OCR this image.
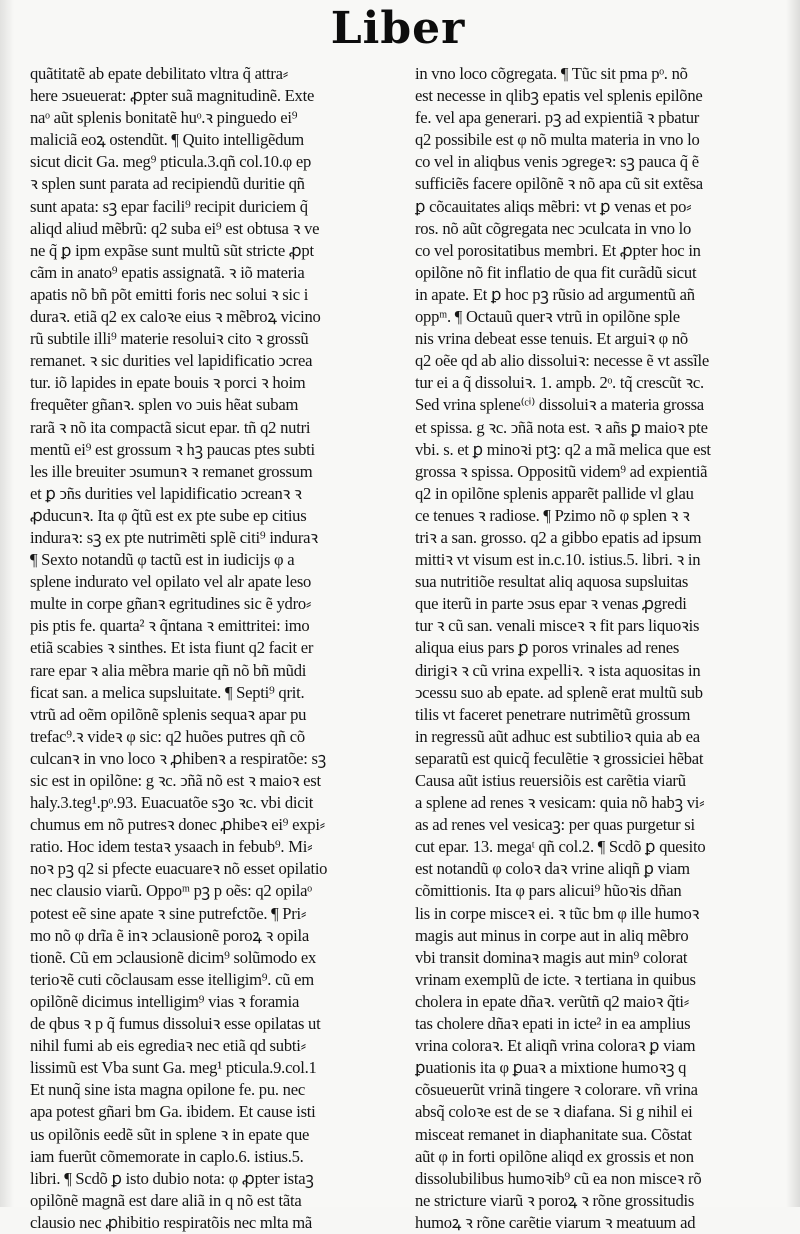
Liber
quãtitatẽ ab epate debilitato vltra q̃ attra⸗
here ↄsueuerat: ꝓpter suã magnitudinẽ. Exte
naᵒ aũt splenis bonitatẽ huᵒ.ꝛ pinguedo ei⁹
maliciã eoꝝ ostendũt. ¶ Quito intelligẽdum
sicut dicit Ga. meg⁹ pticula.3.qñ col.10.φ ep
ꝛ splen sunt parata ad recipiendũ duritie qñ
sunt apata: sꝫ epar facili⁹ recipit duriciem q̃
aliqd aliud mẽbrũ: q2 suba ei⁹ est obtusa ꝛ ve
ne q̃ ꝑ ipm expãse sunt multũ sũt stricte ꝓpt
cãm in anato⁹ epatis assignatã. ꝛ iõ materia
apatis nõ bñ põt emitti foris nec solui ꝛ sic i
duraꝛ. etiã q2 ex caloꝛe eius ꝛ mẽbroꝝ vicino
rũ subtile illi⁹ materie resoluiꝛ cito ꝛ grossũ
remanet. ꝛ sic durities vel lapidificatio ↄcrea
tur. iõ lapides in epate bouis ꝛ porci ꝛ hoim
frequẽter gñanꝛ. splen vo ↄuis hẽat subam
rarã ꝛ nõ ita compactã sicut epar. tñ q2 nutri
mentũ ei⁹ est grossum ꝛ hꝫ paucas ptes subti
les ille breuiter ↄsumunꝛ ꝛ remanet grossum
et ꝑ ↄñs durities vel lapidificatio ↄcreanꝛ ꝛ
ꝓducunꝛ. Ita φ q̃tũ est ex pte sube ep citius
induraꝛ: sꝫ ex pte nutrimẽti splẽ citi⁹ induraꝛ
¶ Sexto notandũ φ tactũ est in iudicijs φ a
splene indurato vel opilato vel alr apate leso
multe in corpe gñanꝛ egritudines sic ẽ ydro⸗
pis ptis fe. quarta² ꝛ q̃ntana ꝛ emittritei: imo
etiã scabies ꝛ sinthes. Et ista fiunt q2 facit er
rare epar ꝛ alia mẽbra marie qñ nõ bñ mũdi
ficat san. a melica supsluitate. ¶ Septi⁹ qrit.
vtrũ ad oẽm opilõnẽ splenis sequaꝛ apar pu
trefac⁹.ꝛ videꝛ φ sic: q2 huões putres qñ cõ
culcanꝛ in vno loco ꝛ ꝓhibenꝛ a respiratõe: sꝫ
sic est in opilõne: g ꝛc. ↄñã nõ est ꝛ maioꝛ est
haly.3.teg¹.pᵒ.93. Euacuatõe sꝫo ꝛc. vbi dicit
chumus em nõ putresꝛ donec ꝓhibeꝛ ei⁹ expi⸗
ratio. Hoc idem testaꝛ ysaach in febub⁹. Mi⸗
noꝛ pꝫ q2 si pfecte euacuareꝛ nõ esset opilatio
nec clausio viarũ. Oppoᵐ pꝫ p oẽs: q2 opilaᵒ
potest eẽ sine apate ꝛ sine putrefctõe. ¶ Pri⸗
mo nõ φ drĩa ẽ inꝛ ↄclausionẽ poroꝝ ꝛ opila
tionẽ. Cũ em ↄclausionẽ dicim⁹ solũmodo ex
terioꝛẽ cuti cõclausam esse itelligim⁹. cũ em
opilõnẽ dicimus intelligim⁹ vias ꝛ foramia
de qbus ꝛ p q̃ fumus dissoluiꝛ esse opilatas ut
nihil fumi ab eis egrediaꝛ nec etiã qd subti⸗
lissimũ est Vba sunt Ga. meg¹ pticula.9.col.1
Et nunq̃ sine ista magna opilone fe. pu. nec
apa potest gñari bm Ga. ibidem. Et cause isti
us opilõnis eedẽ sũt in splene ꝛ in epate que
iam fuerũt cõmemorate in caplo.6. istius.5.
libri. ¶ Scdõ ꝑ isto dubio nota: φ ꝓpter istaꝫ
opilõnẽ magnã est dare aliã in q nõ est tãta
clausio nec ꝓhibitio respiratõis nec mlta mã
in vno loco cõgregata. ¶ Tũc sit pma pᵒ. nõ
est necesse in qlibꝫ epatis vel splenis epilõne
fe. vel apa generari. pꝫ ad expientiã ꝛ pbatur
q2 possibile est φ nõ multa materia in vno lo
co vel in aliqbus venis ↄgregeꝛ: sꝫ pauca q̃ ẽ
sufficiẽs facere opilõnẽ ꝛ nõ apa cũ sit extẽsa
ꝑ cõcauitates aliqs mẽbri: vt ꝑ venas et po⸗
ros. nõ aũt cõgregata nec ↄculcata in vno lo
co vel porositatibus membri. Et ꝓpter hoc in
opilõne nõ fit inflatio de qua fit curãdũ sicut
in apate. Et ꝑ hoc pꝫ rũsio ad argumentũ añ
oppᵐ. ¶ Octauũ querꝛ vtrũ in opilõne sple
nis vrina debeat esse tenuis. Et arguiꝛ φ nõ
q2 oẽe qd ab alio dissoluiꝛ: necesse ẽ vt assĩle
tur ei a q̃ dissoluiꝛ. 1. ampb. 2ᵒ. tq̃ crescũt ꝛc.
Sed vrina splene⁽ᶜⁱ⁾ dissoluiꝛ a materia grossa
et spissa. g ꝛc. ↄñã nota est. ꝛ añs ꝑ maioꝛ pte
vbi. s. et ꝑ minoꝛi ptꝫ: q2 a mã melica que est
grossa ꝛ spissa. Oppositũ videm⁹ ad expientiã
q2 in opilõne splenis apparẽt pallide vl glau
ce tenues ꝛ radiose. ¶ Pzimo nõ φ splen ꝛ ꝛ
triꝛ a san. grosso. q2 a gibbo epatis ad ipsum
mittiꝛ vt visum est in.c.10. istius.5. libri. ꝛ in
sua nutritiõe resultat aliq aquosa supsluitas
que iterũ in parte ↄsus epar ꝛ venas ꝓgredi
tur ꝛ cũ san. venali misceꝛ ꝛ fit pars liquoꝛis
aliqua eius pars ꝑ poros vrinales ad renes
dirigiꝛ ꝛ cũ vrina expelliꝛ. ꝛ ista aquositas in
ↄcessu suo ab epate. ad splenẽ erat multũ sub
tilis vt faceret penetrare nutrimẽtũ grossum
in regressũ aũt adhuc est subtilioꝛ quia ab ea
separatũ est quicq̃ feculẽtie ꝛ grossiciei hẽbat
Causa aũt istius reuersiõis est carẽtia viarũ
a splene ad renes ꝛ vesicam: quia nõ habꝫ vi⸗
as ad renes vel vesicaꝫ: per quas purgetur si
cut epar. 13. megaᵗ qñ col.2. ¶ Scdõ ꝑ quesito
est notandũ φ coloꝛ daꝛ vrine aliqñ ꝑ viam
cõmittionis. Ita φ pars alicui⁹ hũoꝛis dñan
lis in corpe misceꝛ ei. ꝛ tũc bm φ ille humoꝛ
magis aut minus in corpe aut in aliq mẽbro
vbi transit dominaꝛ magis aut min⁹ colorat
vrinam exemplũ de icte. ꝛ tertiana in quibus
cholera in epate dñaꝛ. verũtñ q2 maioꝛ q̃ti⸗
tas cholere dñaꝛ epati in icte² in ea amplius
vrina coloraꝛ. Et aliqñ vrina coloraꝛ ꝑ viam
ꝑuationis ita φ ꝑuaꝛ a mixtione humoꝛꝫ q
cõsueuerũt vrinã tingere ꝛ colorare. vñ vrina
absq̃ coloꝛe est de se ꝛ diafana. Si g nihil ei
misceat remanet in diaphanitate sua. Cõstat
aũt φ in forti opilõne aliqd ex grossis et non
dissolubilibus humoꝛib⁹ cũ ea non misceꝛ rõ
ne stricture viarũ ꝛ poroꝝ ꝛ rõne grossitudis
humoꝝ ꝛ rõne carẽtie viarum ꝛ meatuum ad
